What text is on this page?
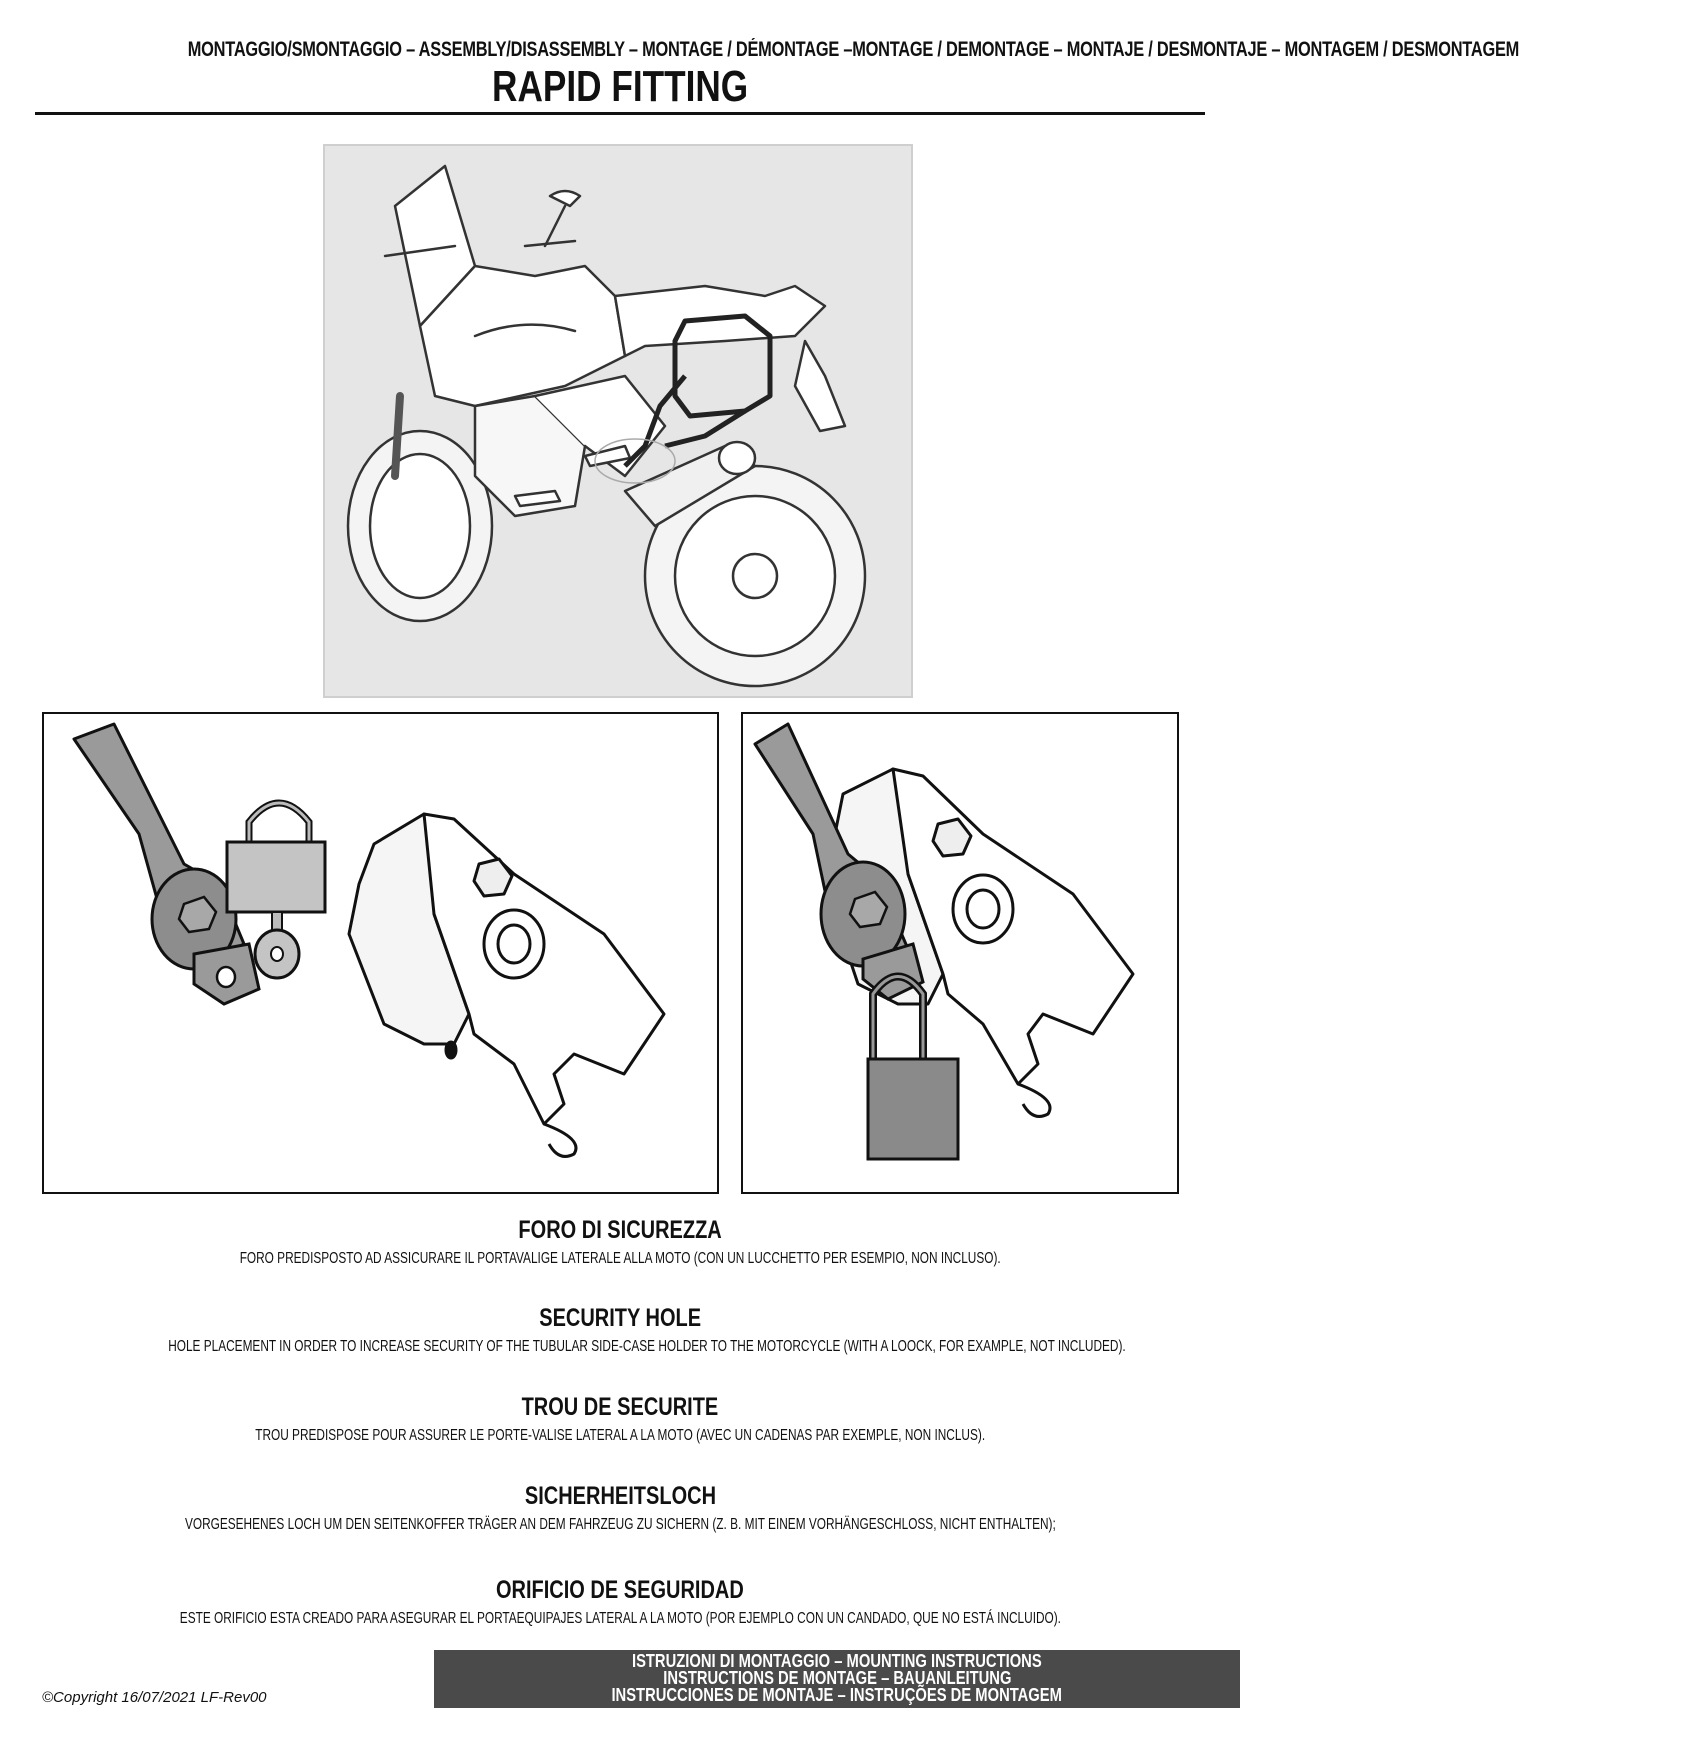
MONTAGGIO/SMONTAGGIO – ASSEMBLY/DISASSEMBLY – MONTAGE / DÉMONTAGE –MONTAGE / DEMONTAGE – MONTAJE / DESMONTAJE – MONTAGEM / DESMONTAGEM
RAPID FITTING
FORO DI SICUREZZA

FORO PREDISPOSTO AD ASSICURARE IL PORTAVALIGE LATERALE ALLA MOTO (CON UN LUCCHETTO PER ESEMPIO, NON INCLUSO).

SECURITY HOLE

HOLE PLACEMENT IN ORDER TO INCREASE SECURITY OF THE TUBULAR SIDE-CASE HOLDER TO THE MOTORCYCLE (WITH A LOOCK, FOR EXAMPLE, NOT INCLUDED).

TROU DE SECURITE

TROU PREDISPOSE POUR ASSURER LE PORTE-VALISE LATERAL A LA MOTO (AVEC UN CADENAS PAR EXEMPLE, NON INCLUS).

SICHERHEITSLOCH

VORGESEHENES LOCH UM DEN SEITENKOFFER TRÄGER AN DEM FAHRZEUG ZU SICHERN (Z. B. MIT EINEM VORHÄNGESCHLOSS, NICHT ENTHALTEN);

ORIFICIO DE SEGURIDAD

ESTE ORIFICIO ESTA CREADO PARA ASEGURAR EL PORTAEQUIPAJES LATERAL A LA MOTO (POR EJEMPLO CON UN CANDADO, QUE NO ESTÁ INCLUIDO).

ISTRUZIONI DI MONTAGGIO – MOUNTING INSTRUCTIONS
INSTRUCTIONS DE MONTAGE – BAUANLEITUNG
INSTRUCCIONES DE MONTAJE – INSTRUÇÕES DE MONTAGEM
©Copyright 16/07/2021 LF-Rev00
